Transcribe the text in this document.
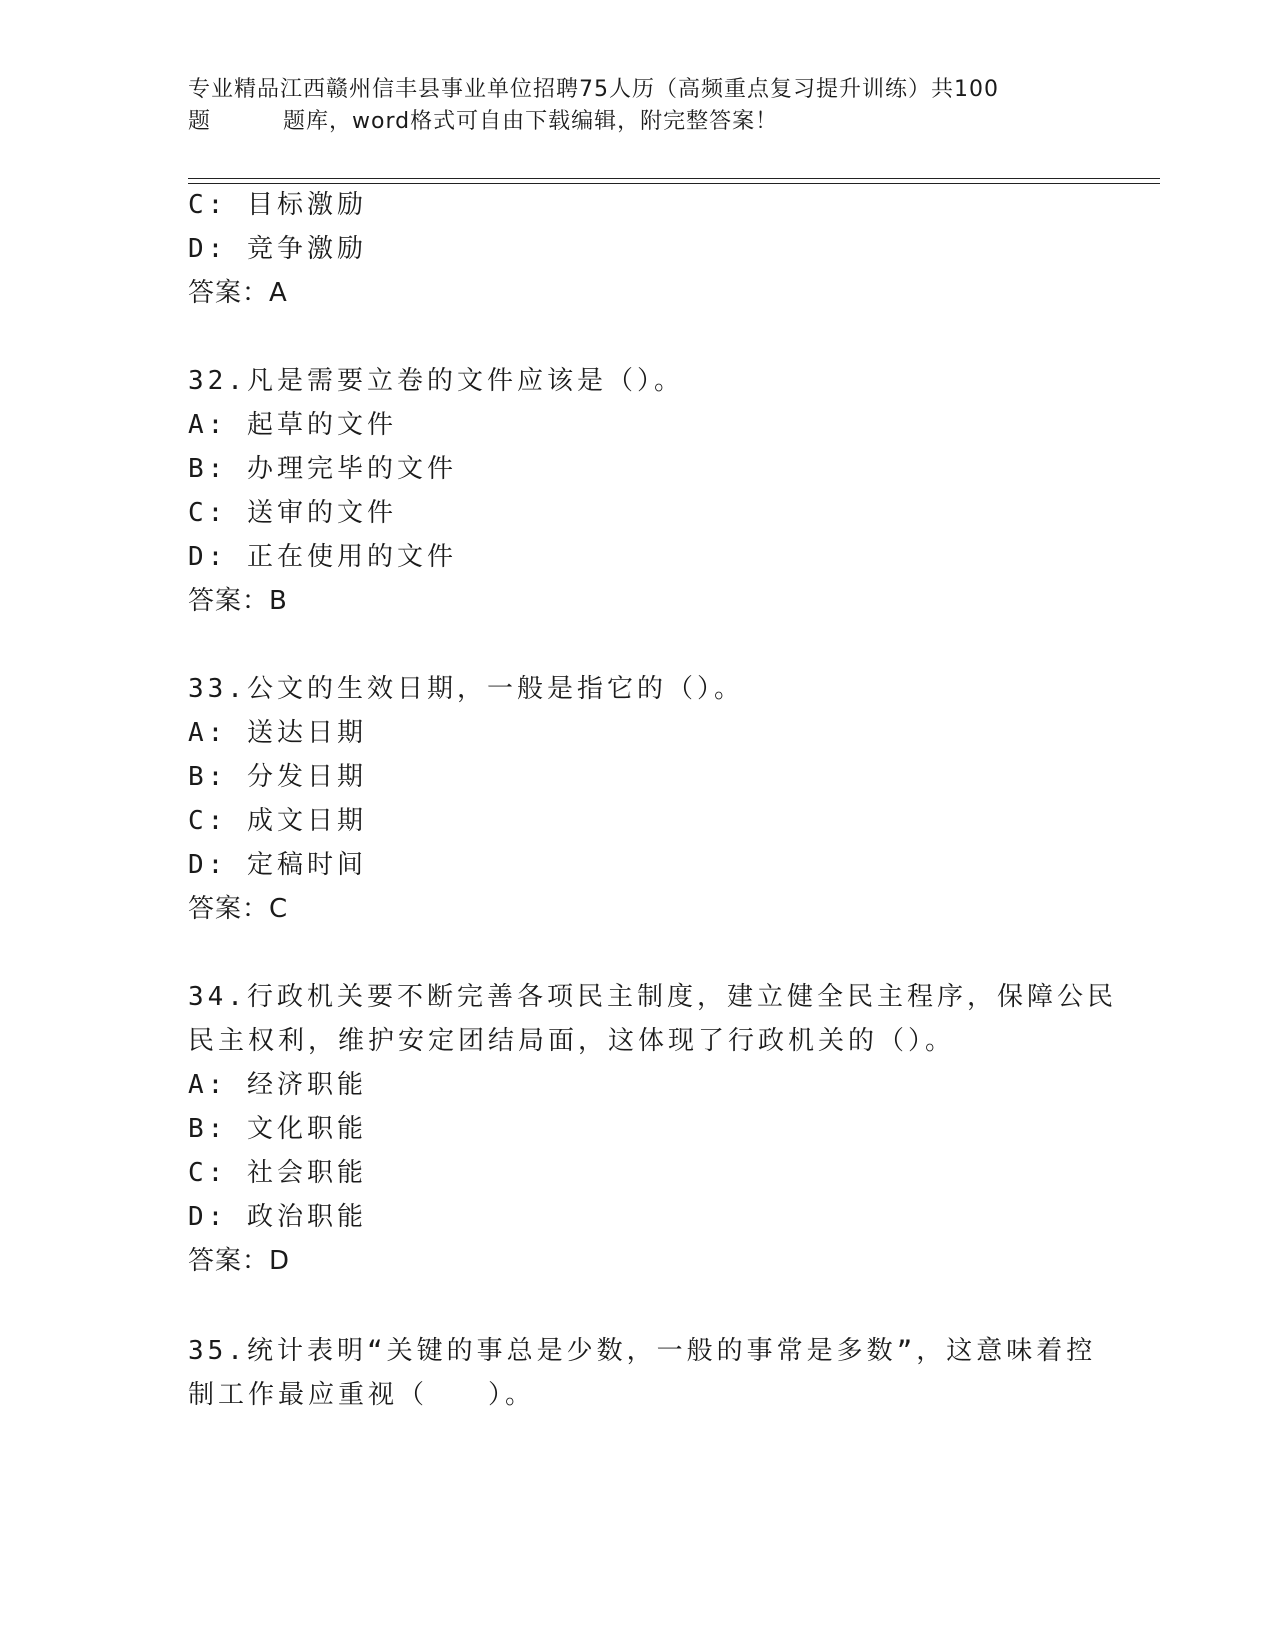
专业精品江西赣州信丰县事业单位招聘75人历（高频重点复习提升训练）共100
题	题库，word格式可自由下载编辑，附完整答案！
C: 目标激励
D: 竞争激励
答案：A
32.凡是需要立卷的文件应该是（）。
A: 起草的文件
B: 办理完毕的文件
C: 送审的文件
D: 正在使用的文件
答案：B
33.公文的生效日期，一般是指它的（）。
A: 送达日期
B: 分发日期
C: 成文日期
D: 定稿时间
答案：C
34.行政机关要不断完善各项民主制度，建立健全民主程序，保障公民
民主权利，维护安定团结局面，这体现了行政机关的（）。
A: 经济职能
B: 文化职能
C: 社会职能
D: 政治职能
答案：D
35.统计表明“关键的事总是少数，一般的事常是多数”，这意味着控
制工作最应重视（　　）。
